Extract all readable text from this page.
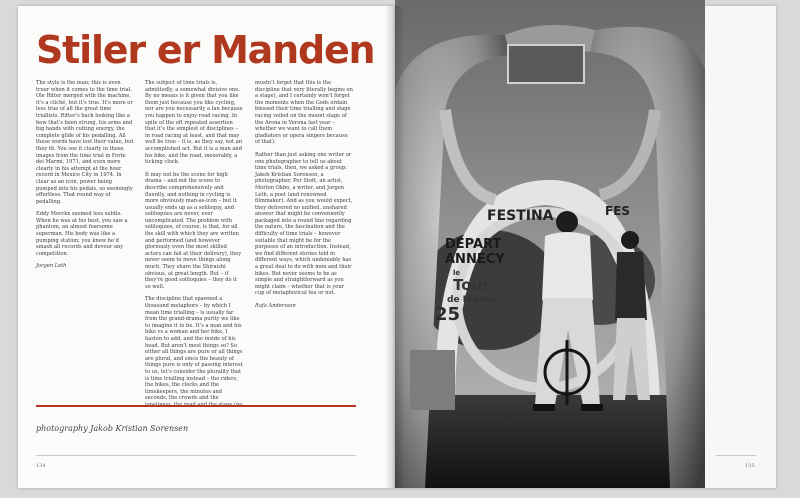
Stiler er Manden

The style is the man; this is even truer when it comes to the time trial. Ole Ritter merged with the machine, it’s a cliché, but it’s true. It’s more or less true of all the great time triallists. Ritter’s back looking like a bow that’s been strung, his arms and big hands with cutting energy, the complete glide of his pedalling. All these words have lost their value, but they fit. You see it clearly in those images from the time trial in Forte dei Marmi, 1971, and even more clearly in his attempt at the hour record in Mexico City in 1974. In clear as an icon, power being pumped into his pedals, so seemingly effortless. That round way of pedalling.

Eddy Merckx seemed less subtle. When he was at his best, you saw a phantom, an almost fearsome superman. His body was like a pumping station; you knew he’d smash all records and devour any competition.

Jorgen Leth

The subject of time trials is, admittedly, a somewhat divisive one. By no means is it given that you like them just because you like cycling, nor are you necessarily a fan because you happen to enjoy road racing. In spite of the oft repeated assertion that it’s the simplest of disciplines – in road racing at least, and that may well be true – it is, as they say, not an accomplished act. But it is a man and his bike, and the road, inexorably, a ticking clock.

It may not be the scene for high drama – and not the scene to describe comprehensively and fluently, and nothing in cycling is more obviously man-as-icon – but it usually ends up as a soliloquy, and soliloquies are never, ever uncomplicated. The problem with soliloquies, of course, is that, for all the skill with which they are written and performed (and however gloriously even the most skilled actors can fail at their delivery), they never seem to move things along much. They share the Shiraishi obvious, at great length. But – if they’re good soliloquies – they do it so well.

The discipline that spawned a thousand metaphors – by which I mean time trialling – is usually far from the grand-drama purity we like to imagine it to be. It’s a man and his bike vs a woman and her bike, I hasten to add, and the inside of his head. But aren’t most things so? So either all things are pure or all things are plural, and since the beauty of things pure is only of passing interest to us, let’s consider the plurality that is time trialling instead – the riders, the bikes, the clocks and the timekeepers, the minutes and seconds, the crowds and the

mustn’t forget that this is the discipline that very literally begins on a stage), and I certainly won’t forget the moments when the Gods ordain blessed their time trialling and stage racing veiled on the mount stage of the Arena in Verona last year – whether we want to call them gladiators or opera singers because of that).

Rather than just asking one writer or one photographer to tell us about time trials, then, we asked a group: Jakob Kristian Sorensen, a photographer, Per Stott, an artist, Morten Okbo, a writer, and Jorgen Leth, a poet (and renowned filmmaker). And as you would expect, they delivered no unified, unshared answer that might be conveniently packaged into a round line regarding the nature, the fascination and the difficulty of time trials – however suitable that might be for the purposes of an introduction. Instead, we find different stories told in different ways, which undeniably has a great deal to do with men and their bikes. But never seems to be as simple and straightforward as you might claim – whether that is your cup of metaphorical tea or not.

Rafa Andersson

photography Jakob Kristian Sorensen
134	135
FESTINA	FES
DÉPART
ANNECY
le
Tour
de France
25
